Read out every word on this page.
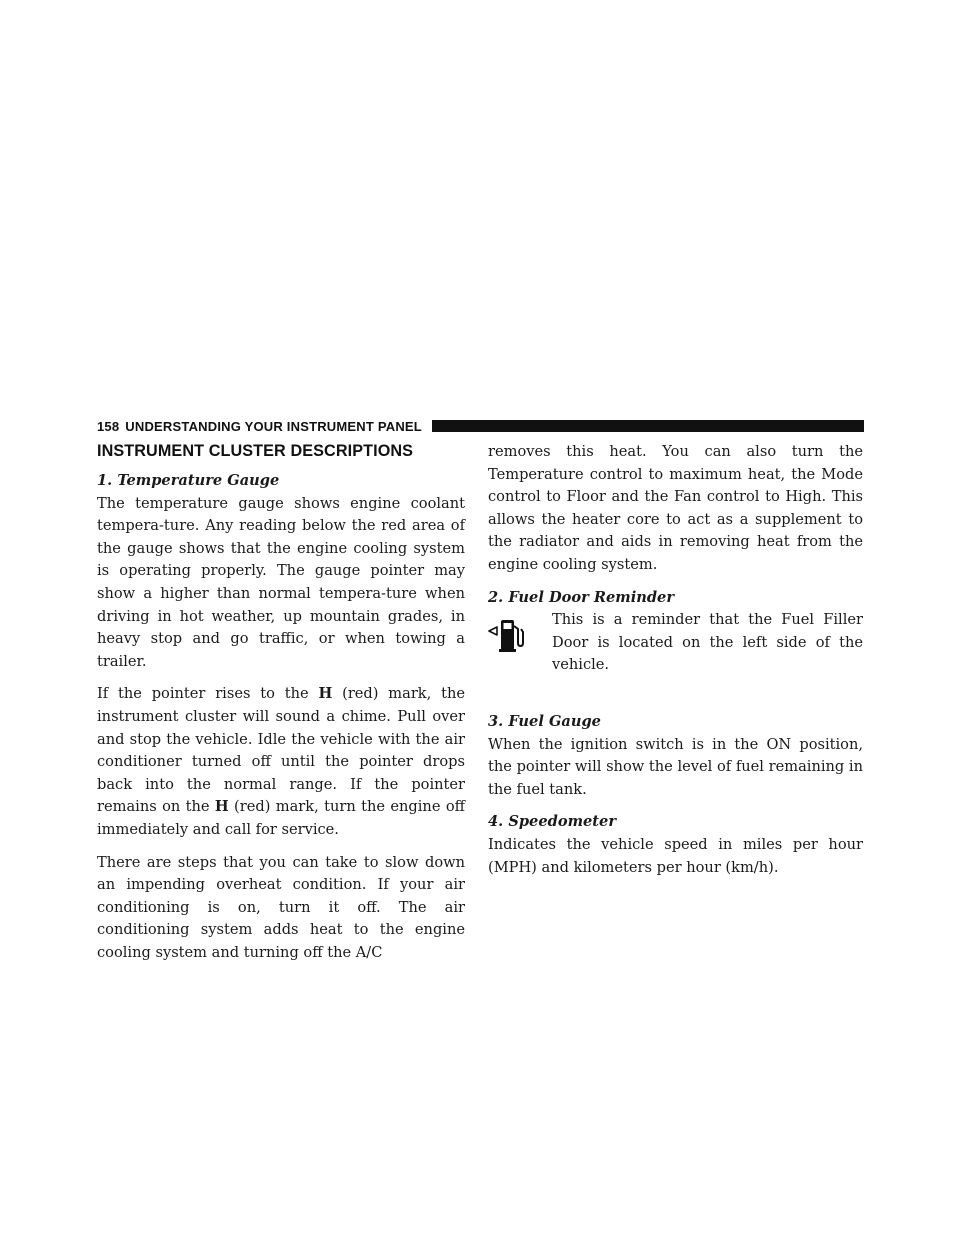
158 UNDERSTANDING YOUR INSTRUMENT PANEL
INSTRUMENT CLUSTER DESCRIPTIONS
1. Temperature Gauge

The temperature gauge shows engine coolant tempera-ture. Any reading below the red area of the gauge shows that the engine cooling system is operating properly. The gauge pointer may show a higher than normal tempera-ture when driving in hot weather, up mountain grades, in heavy stop and go traffic, or when towing a trailer.

If the pointer rises to the H (red) mark, the instrument cluster will sound a chime. Pull over and stop the vehicle. Idle the vehicle with the air conditioner turned off until the pointer drops back into the normal range. If the pointer remains on the H (red) mark, turn the engine off immediately and call for service.

There are steps that you can take to slow down an impending overheat condition. If your air conditioning is on, turn it off. The air conditioning system adds heat to the engine cooling system and turning off the A/C

removes this heat. You can also turn the Temperature control to maximum heat, the Mode control to Floor and the Fan control to High. This allows the heater core to act as a supplement to the radiator and aids in removing heat from the engine cooling system.

2. Fuel Door Reminder
This is a reminder that the Fuel Filler Door is located on the left side of the vehicle.
3. Fuel Gauge

When the ignition switch is in the ON position, the pointer will show the level of fuel remaining in the fuel tank.

4. Speedometer

Indicates the vehicle speed in miles per hour (MPH) and kilometers per hour (km/h).
